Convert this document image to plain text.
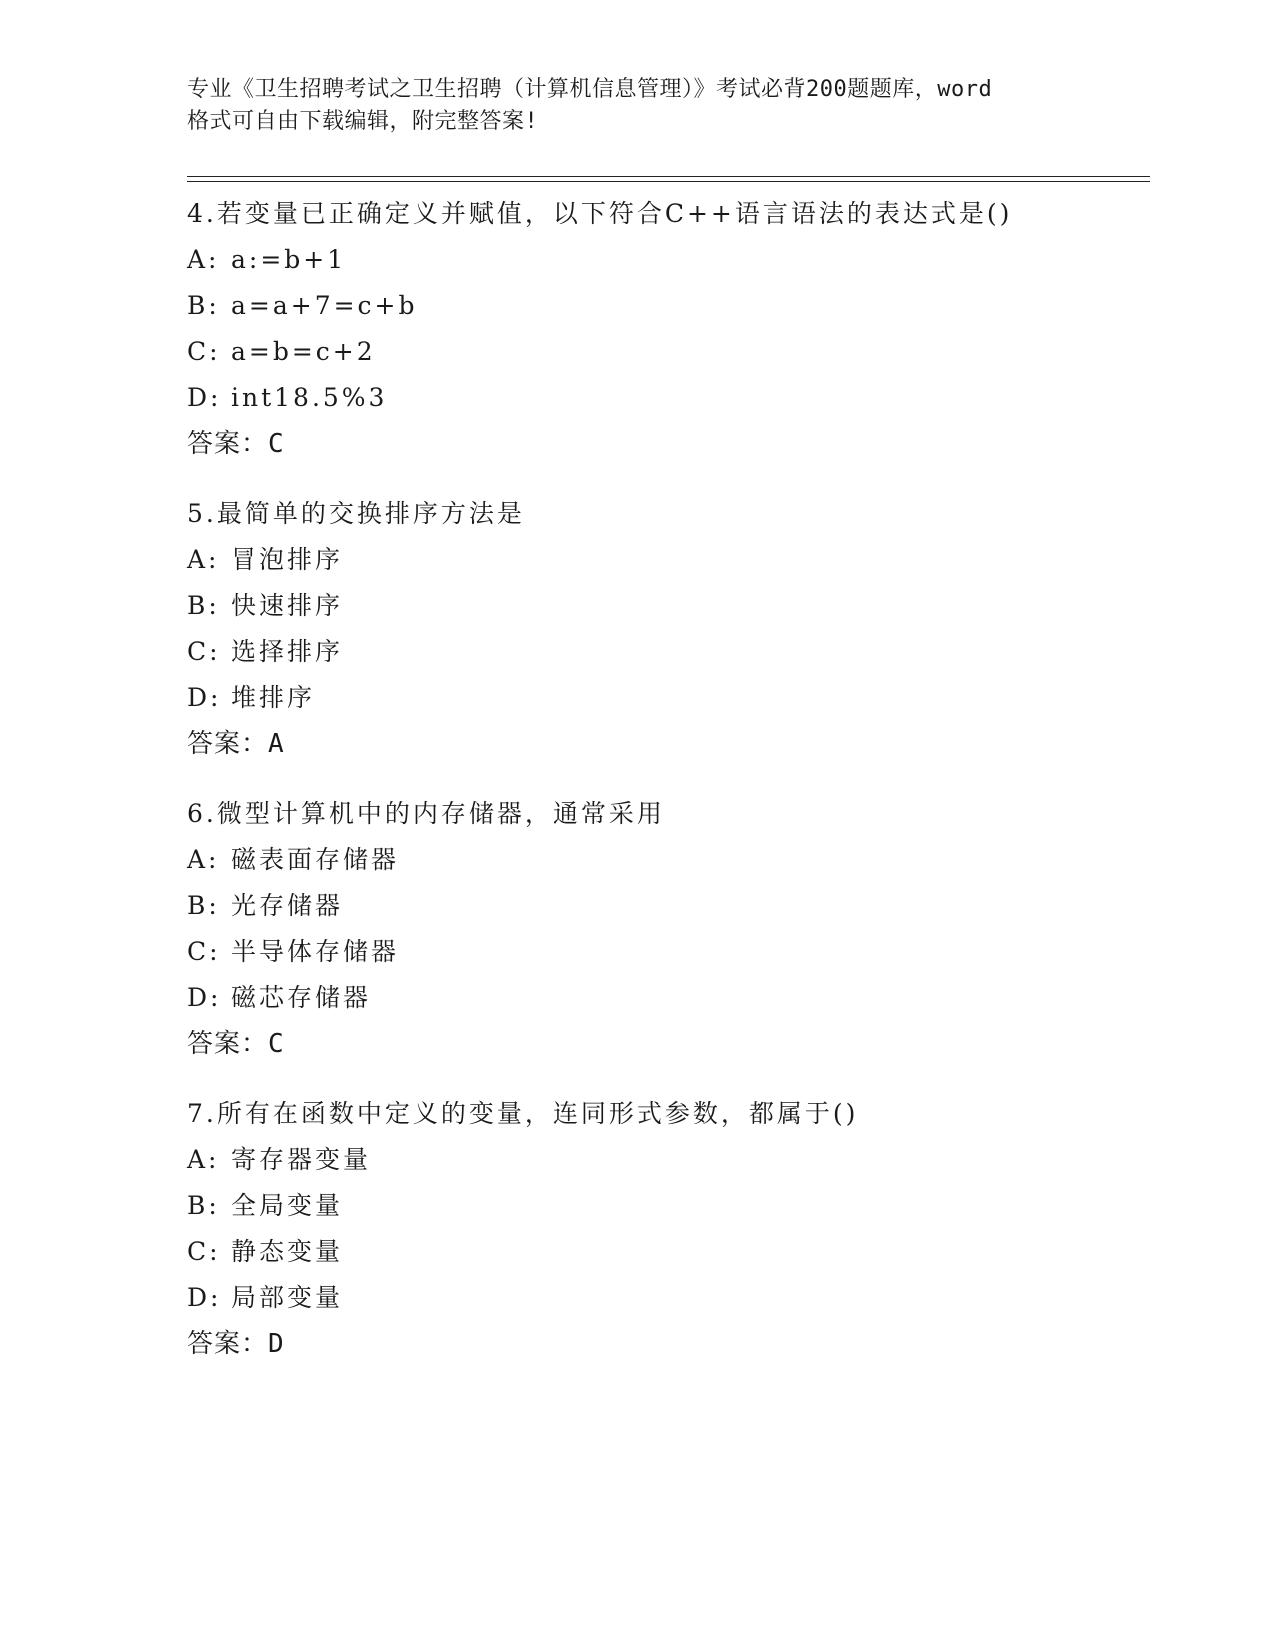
专业《卫生招聘考试之卫生招聘（计算机信息管理）》考试必背200题题库，word
格式可自由下载编辑，附完整答案!
4.若变量已正确定义并赋值，以下符合C++语言语法的表达式是()
A: a:=b+1
B: a=a+7=c+b
C: a=b=c+2
D: int18.5%3
答案：C
5.最简单的交换排序方法是
A: 冒泡排序
B: 快速排序
C: 选择排序
D: 堆排序
答案：A
6.微型计算机中的内存储器，通常采用
A: 磁表面存储器
B: 光存储器
C: 半导体存储器
D: 磁芯存储器
答案：C
7.所有在函数中定义的变量，连同形式参数，都属于()
A: 寄存器变量
B: 全局变量
C: 静态变量
D: 局部变量
答案：D
